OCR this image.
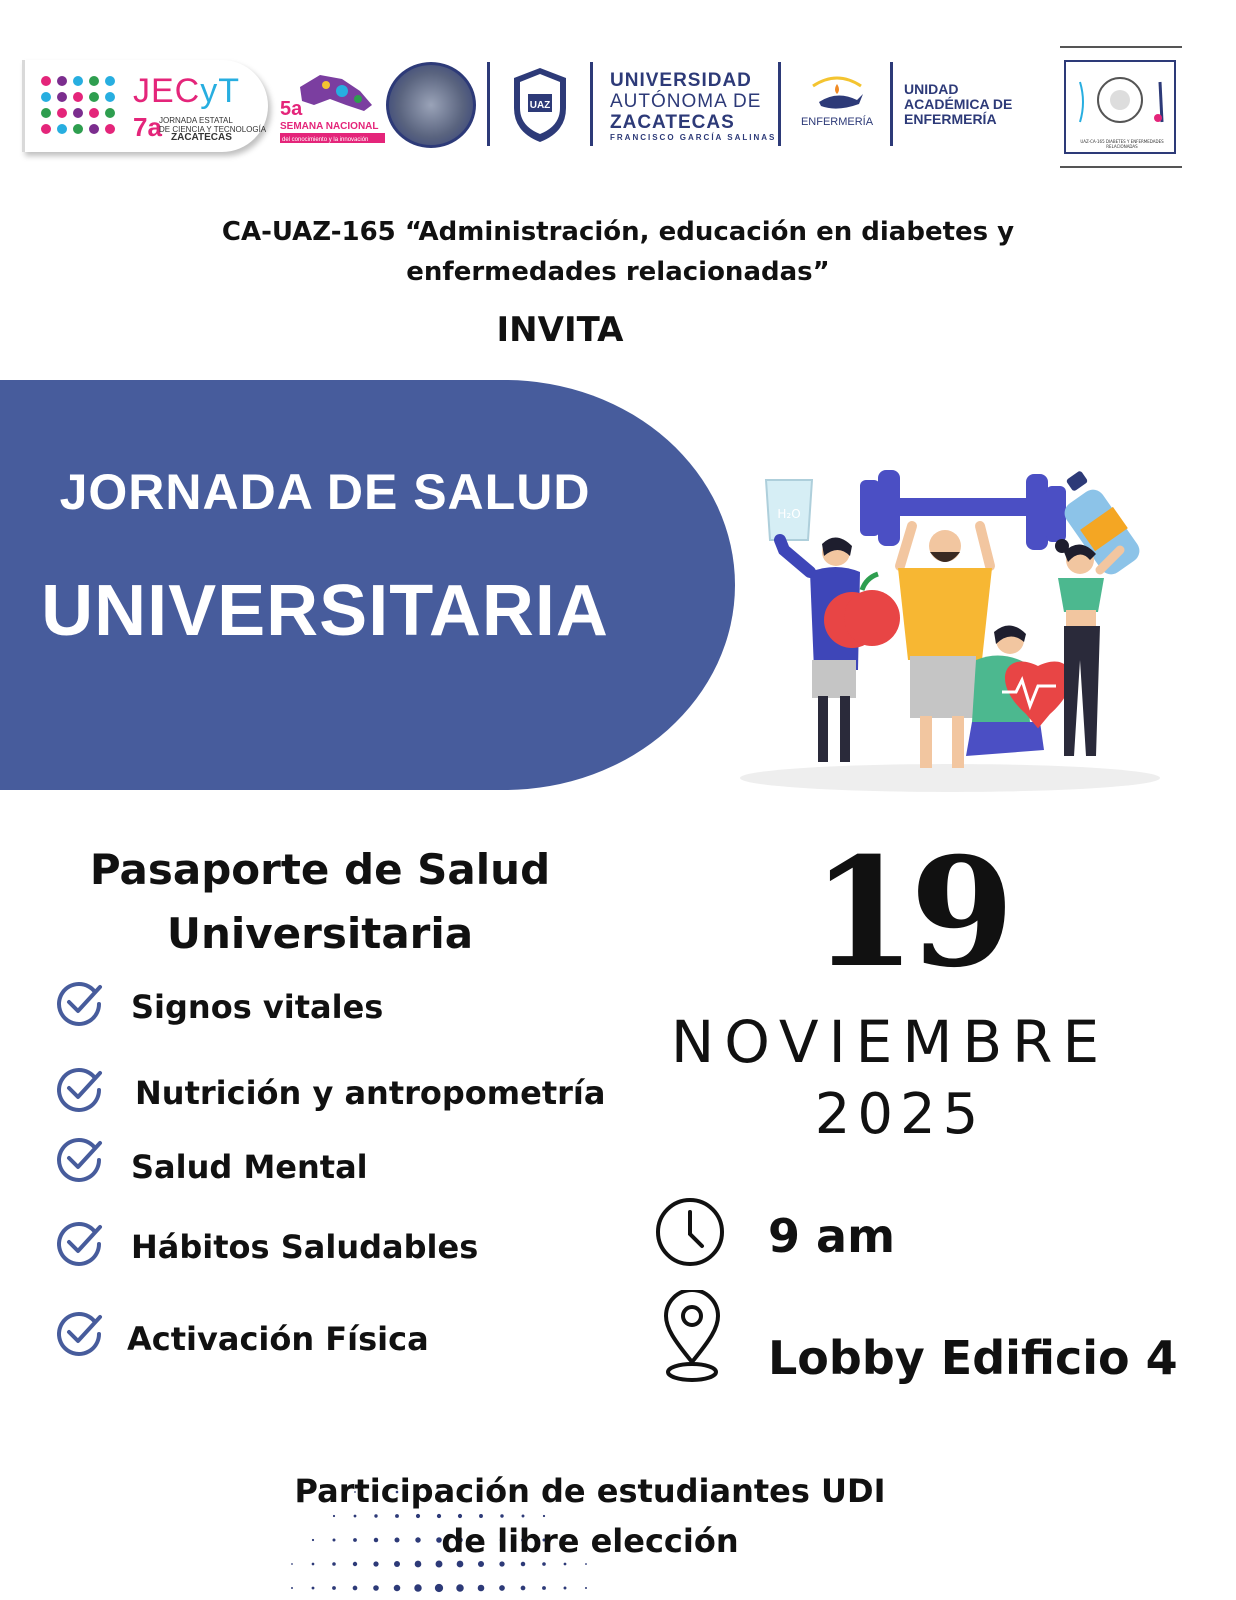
JECyT
7a
JORNADA ESTATAL
DE CIENCIA Y TECNOLOGÍA
ZACATECAS
5a
SEMANA NACIONAL
del conocimiento y la innovación
UAZ
UNIVERSIDAD
AUTÓNOMA DE
ZACATECAS
FRANCISCO GARCÍA SALINAS
ENFERMERÍA
UNIDAD
ACADÉMICA DE
ENFERMERÍA
UAZ-CA-165 DIABETES Y ENFERMEDADES RELACIONADAS
CA-UAZ-165 “Administración, educación en diabetes y
enfermedades relacionadas”
INVITA
JORNADA DE SALUD
UNIVERSITARIA
H₂O
Pasaporte de Salud
Universitaria
Signos vitales
Nutrición y antropometría
Salud Mental
Hábitos Saludables
Activación Física
19
NOVIEMBRE
2025
9 am
Lobby Edificio 4
Participación de estudiantes UDI
de libre elección
